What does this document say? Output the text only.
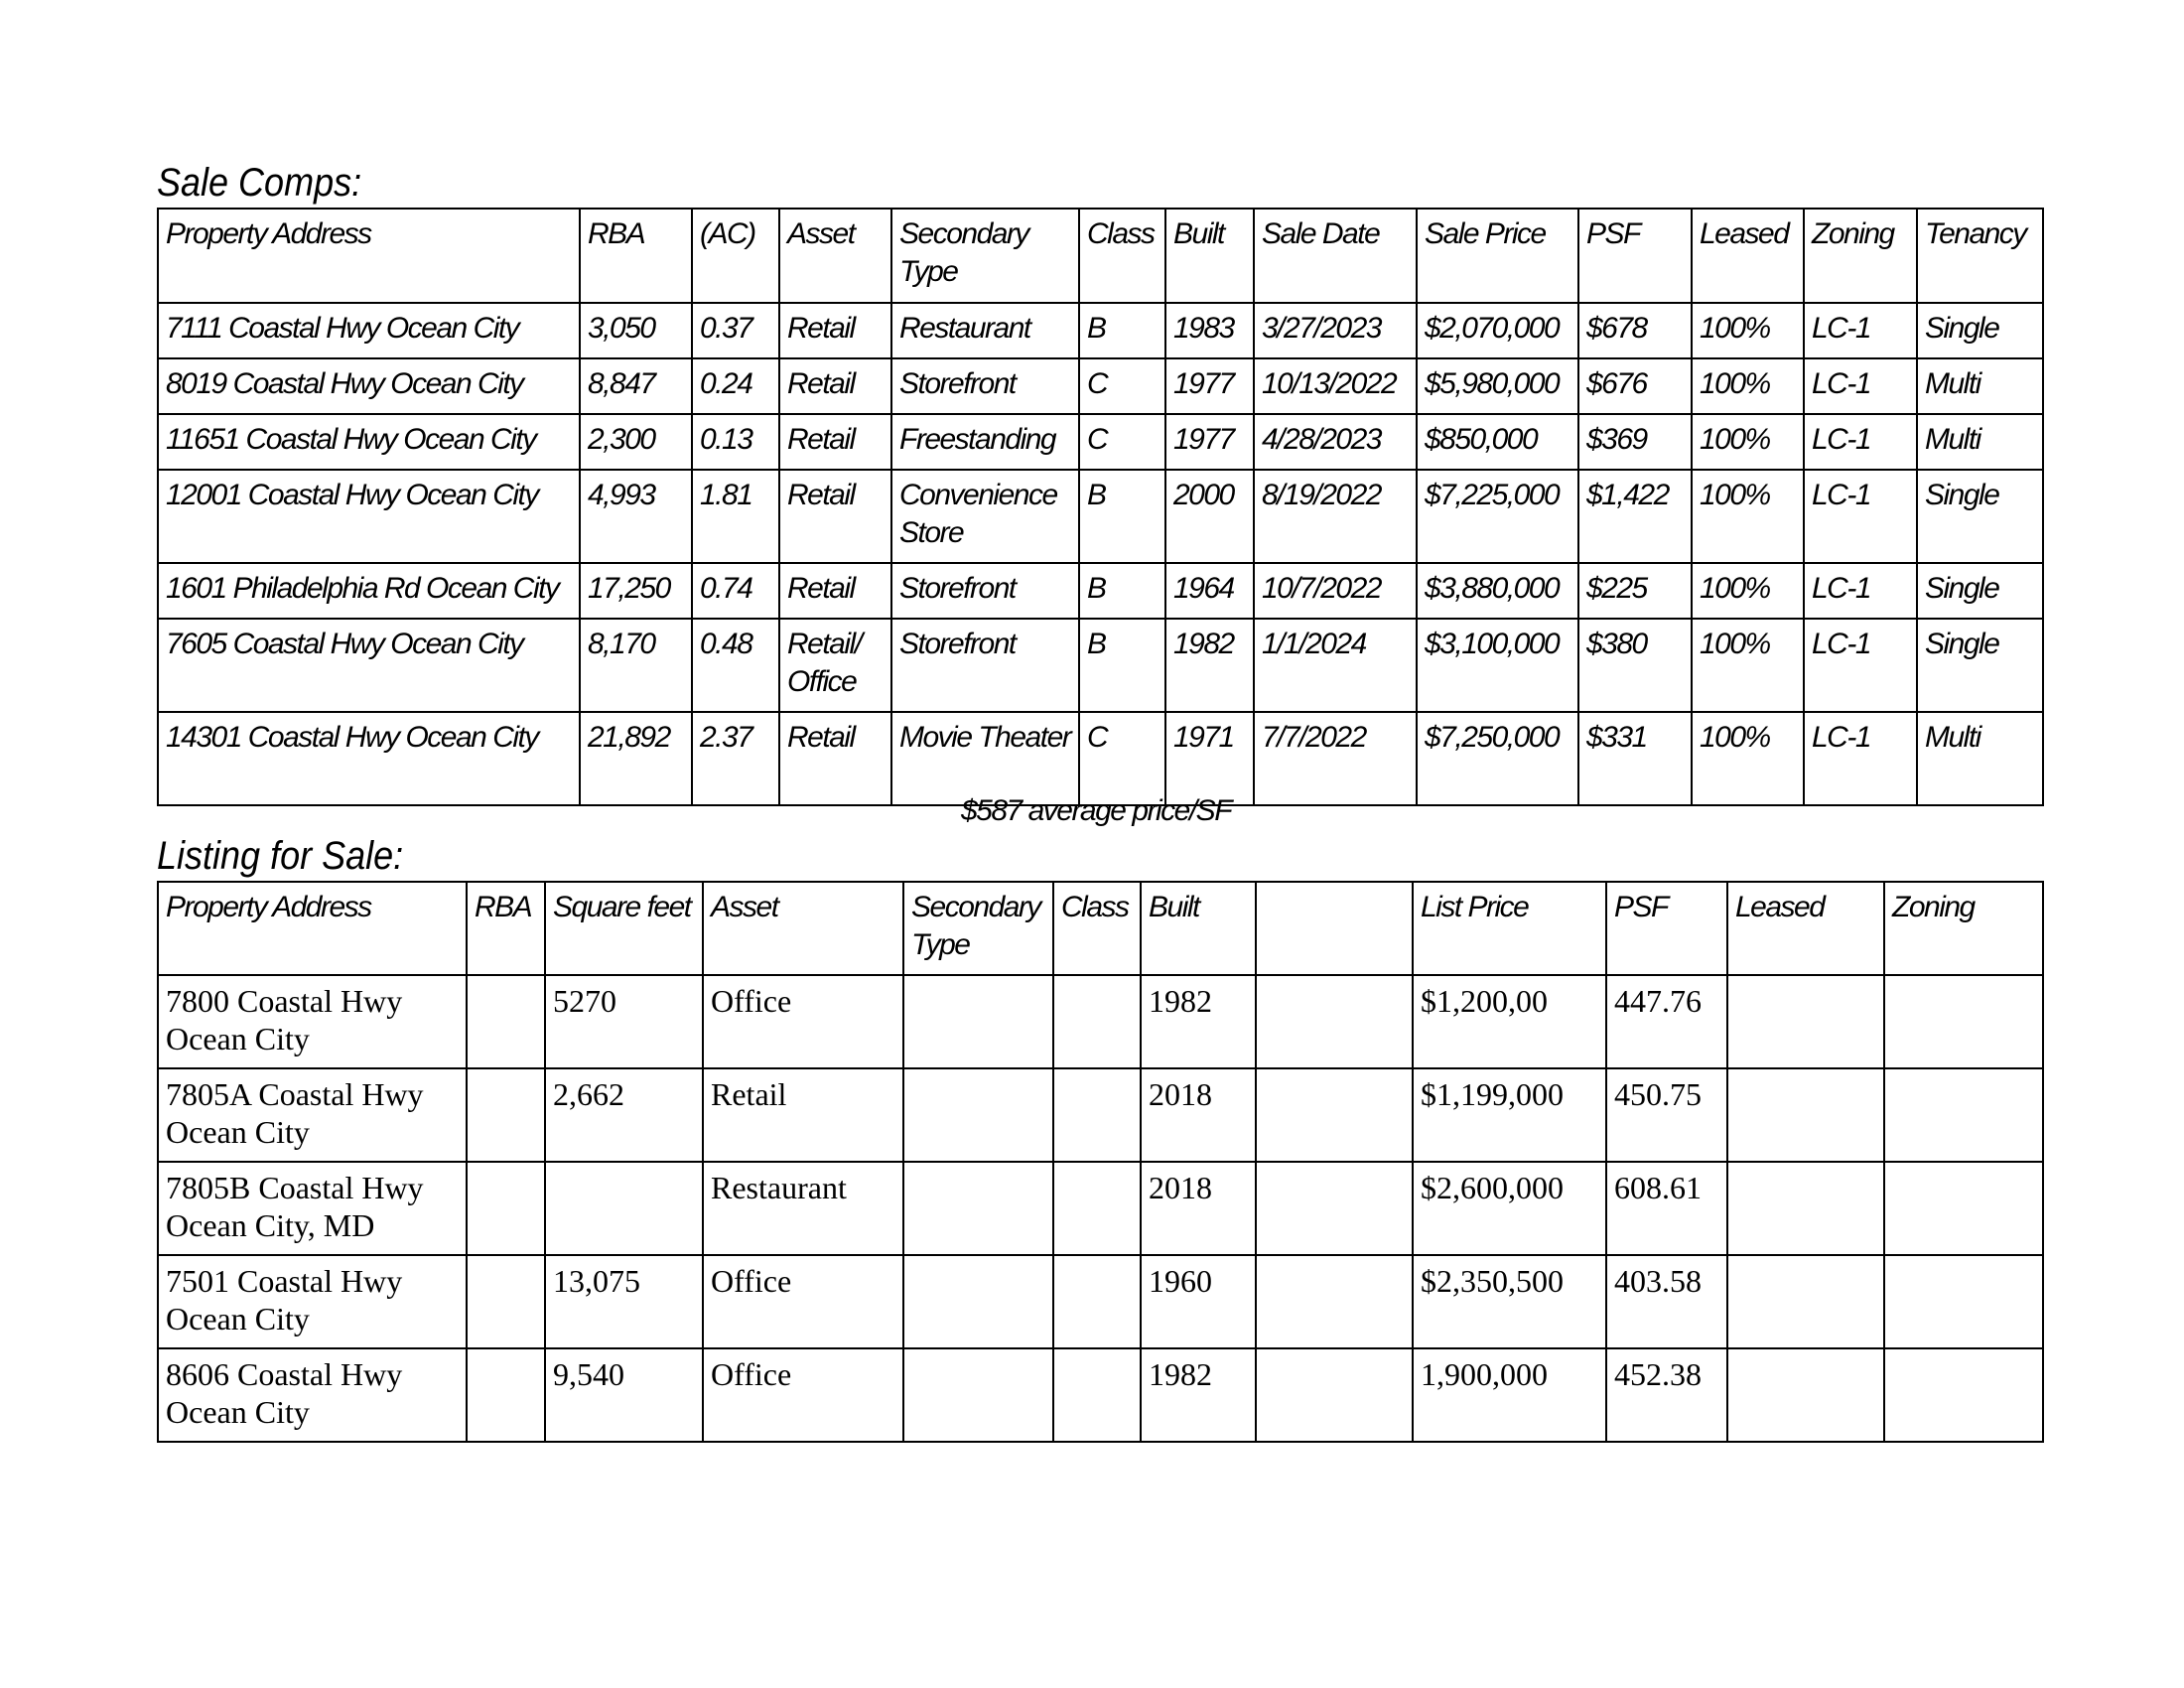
Sale Comps:
Property Address	RBA	(AC)	Asset	Secondary Type	Class	Built	Sale Date	Sale Price	PSF	Leased	Zoning	Tenancy
7111 Coastal Hwy Ocean City	3,050	0.37	Retail	Restaurant	B	1983	3/27/2023	$2,070,000	$678	100%	LC-1	Single
8019 Coastal Hwy Ocean City	8,847	0.24	Retail	Storefront	C	1977	10/13/2022	$5,980,000	$676	100%	LC-1	Multi
11651 Coastal Hwy Ocean City	2,300	0.13	Retail	Freestanding	C	1977	4/28/2023	$850,000	$369	100%	LC-1	Multi
12001 Coastal Hwy Ocean City	4,993	1.81	Retail	Convenience Store	B	2000	8/19/2022	$7,225,000	$1,422	100%	LC-1	Single
1601 Philadelphia Rd Ocean City	17,250	0.74	Retail	Storefront	B	1964	10/7/2022	$3,880,000	$225	100%	LC-1	Single
7605 Coastal Hwy Ocean City	8,170	0.48	Retail/ Office	Storefront	B	1982	1/1/2024	$3,100,000	$380	100%	LC-1	Single
14301 Coastal Hwy Ocean City	21,892	2.37	Retail	Movie Theater	C	1971	7/7/2022	$7,250,000	$331	100%	LC-1	Multi
$587 average price/SF
Listing for Sale:
Property Address	RBA	Square feet	Asset	Secondary Type	Class	Built		List Price	PSF	Leased	Zoning
7800 Coastal Hwy Ocean City		5270	Office			1982		$1,200,00	447.76		
7805A Coastal Hwy Ocean City		2,662	Retail			2018		$1,199,000	450.75		
7805B Coastal Hwy Ocean City, MD			Restaurant			2018		$2,600,000	608.61		
7501 Coastal Hwy Ocean City		13,075	Office			1960		$2,350,500	403.58		
8606 Coastal Hwy Ocean City		9,540	Office			1982		1,900,000	452.38		
